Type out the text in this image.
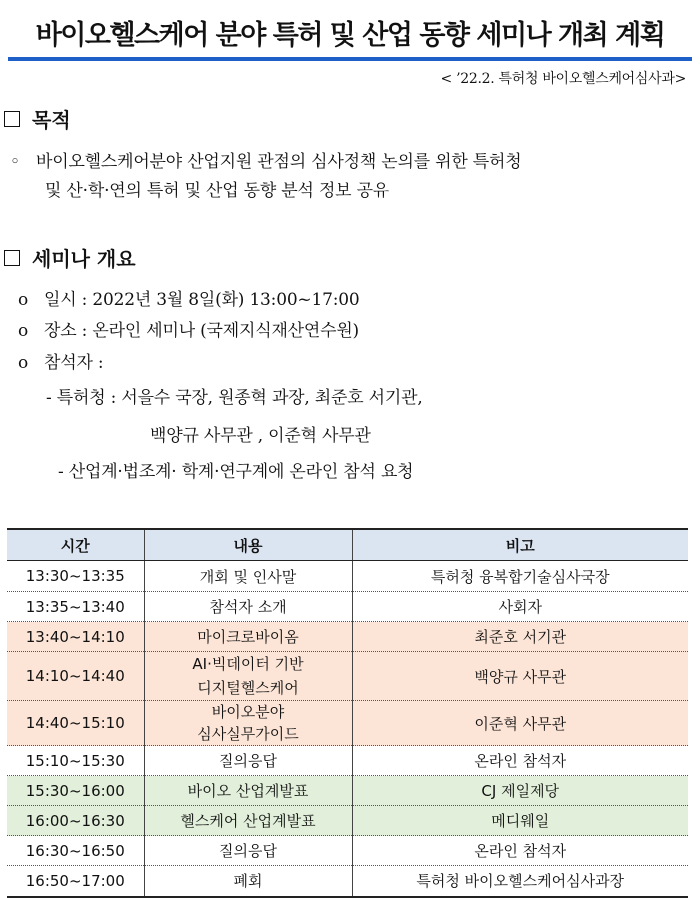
바이오헬스케어 분야 특허 및 산업 동향 세미나 개최 계획
< ’22.2. 특허청 바이오헬스케어심사과>
목적
◦ 바이오헬스케어분야 산업지원 관점의 심사정책 논의를 위한 특허청
및 산·학·연의 특허 및 산업 동향 분석 정보 공유
세미나 개요
o 일시 : 2022년 3월 8일(화) 13:00~17:00
o 장소 : 온라인 세미나 (국제지식재산연수원)
o 참석자 :
- 특허청 : 서을수 국장, 원종혁 과장, 최준호 서기관,
백양규 사무관 , 이준혁 사무관
- 산업계·법조계· 학계·연구계에 온라인 참석 요청
시간	내용	비고
13:30~13:35	개회 및 인사말	특허청 융복합기술심사국장
13:35~13:40	참석자 소개	사회자
13:40~14:10	마이크로바이옴	최준호 서기관
14:10~14:40	AI·빅데이터 기반
디지털헬스케어	백양규 사무관
14:40~15:10	바이오분야
심사실무가이드	이준혁 사무관
15:10~15:30	질의응답	온라인 참석자
15:30~16:00	바이오 산업계발표	CJ 제일제당
16:00~16:30	헬스케어 산업계발표	메디웨일
16:30~16:50	질의응답	온라인 참석자
16:50~17:00	폐회	특허청 바이오헬스케어심사과장
